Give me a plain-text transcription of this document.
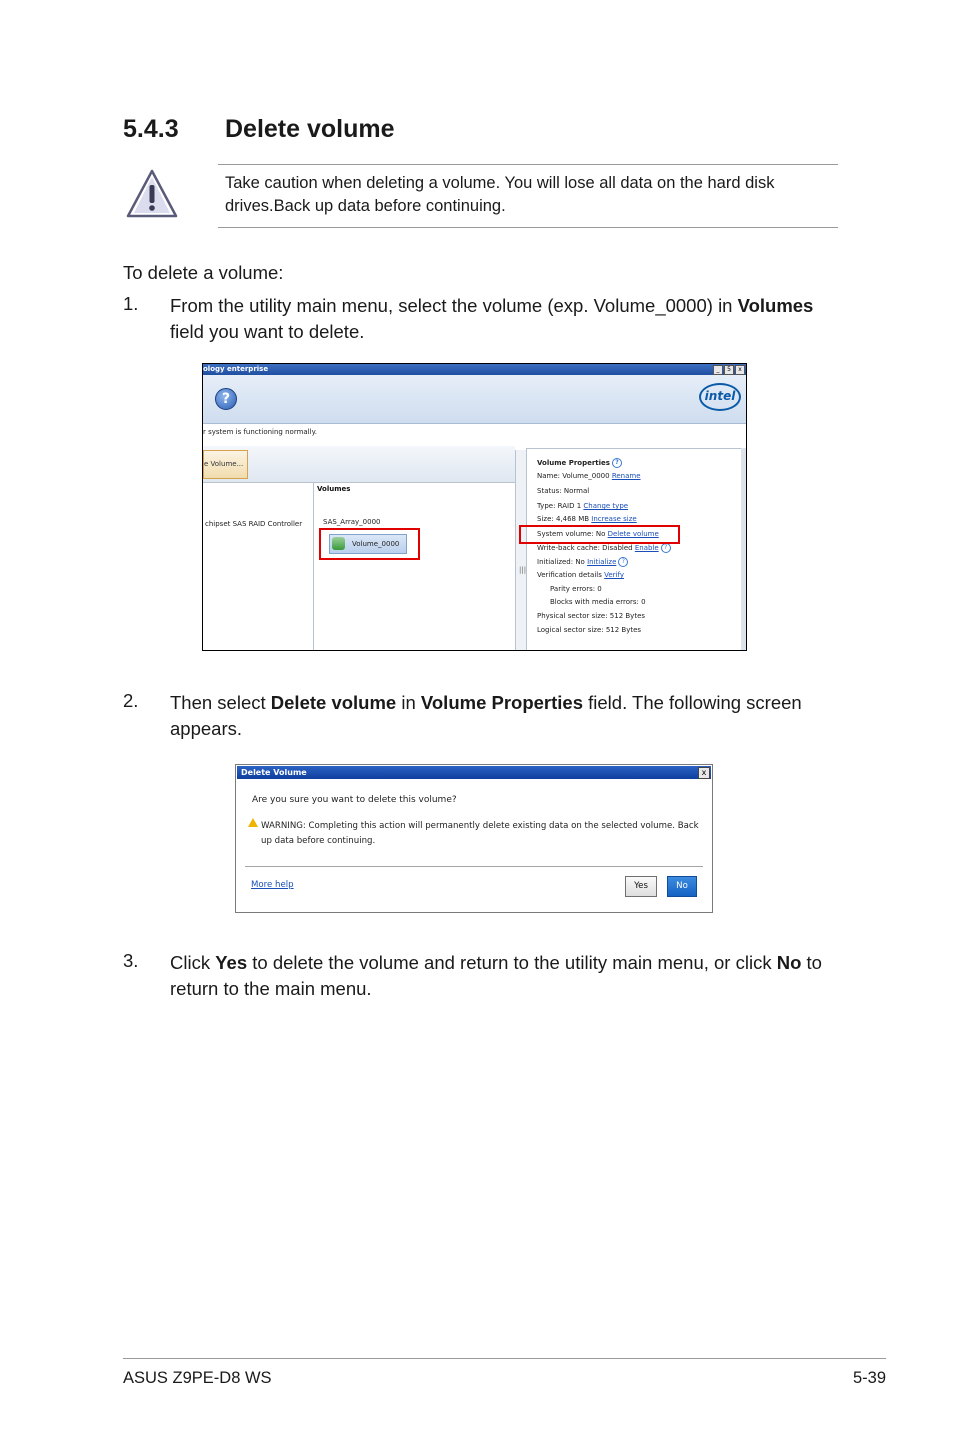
5.4.3 Delete volume
Take caution when deleting a volume. You will lose all data on the hard disk drives.Back up data before continuing.
To delete a volume:
1. From the utility main menu, select the volume (exp. Volume_0000) in Volumes field you want to delete.
ology enterprise	_	5	x
?	intel
r system is functioning normally.
e Volume...
chipset SAS RAID Controller
Volumes
SAS_Array_0000
Volume_0000
|||
Volume Properties ?
Name: Volume_0000 Rename
Status: Normal
Type: RAID 1 Change type
Size: 4,468 MB Increase size
System volume: No Delete volume
Write-back cache: Disabled Enable ?
Initialized: No Initialize ?
Verification details Verify
Parity errors: 0
Blocks with media errors: 0
Physical sector size: 512 Bytes
Logical sector size: 512 Bytes
2. Then select Delete volume in Volume Properties field. The following screen appears.
Delete Volume	x
Are you sure you want to delete this volume?
WARNING: Completing this action will permanently delete existing data on the selected volume. Back up data before continuing.
More help	Yes	No
3. Click Yes to delete the volume and return to the utility main menu, or click No to return to the main menu.
ASUS Z9PE-D8 WS	5-39
